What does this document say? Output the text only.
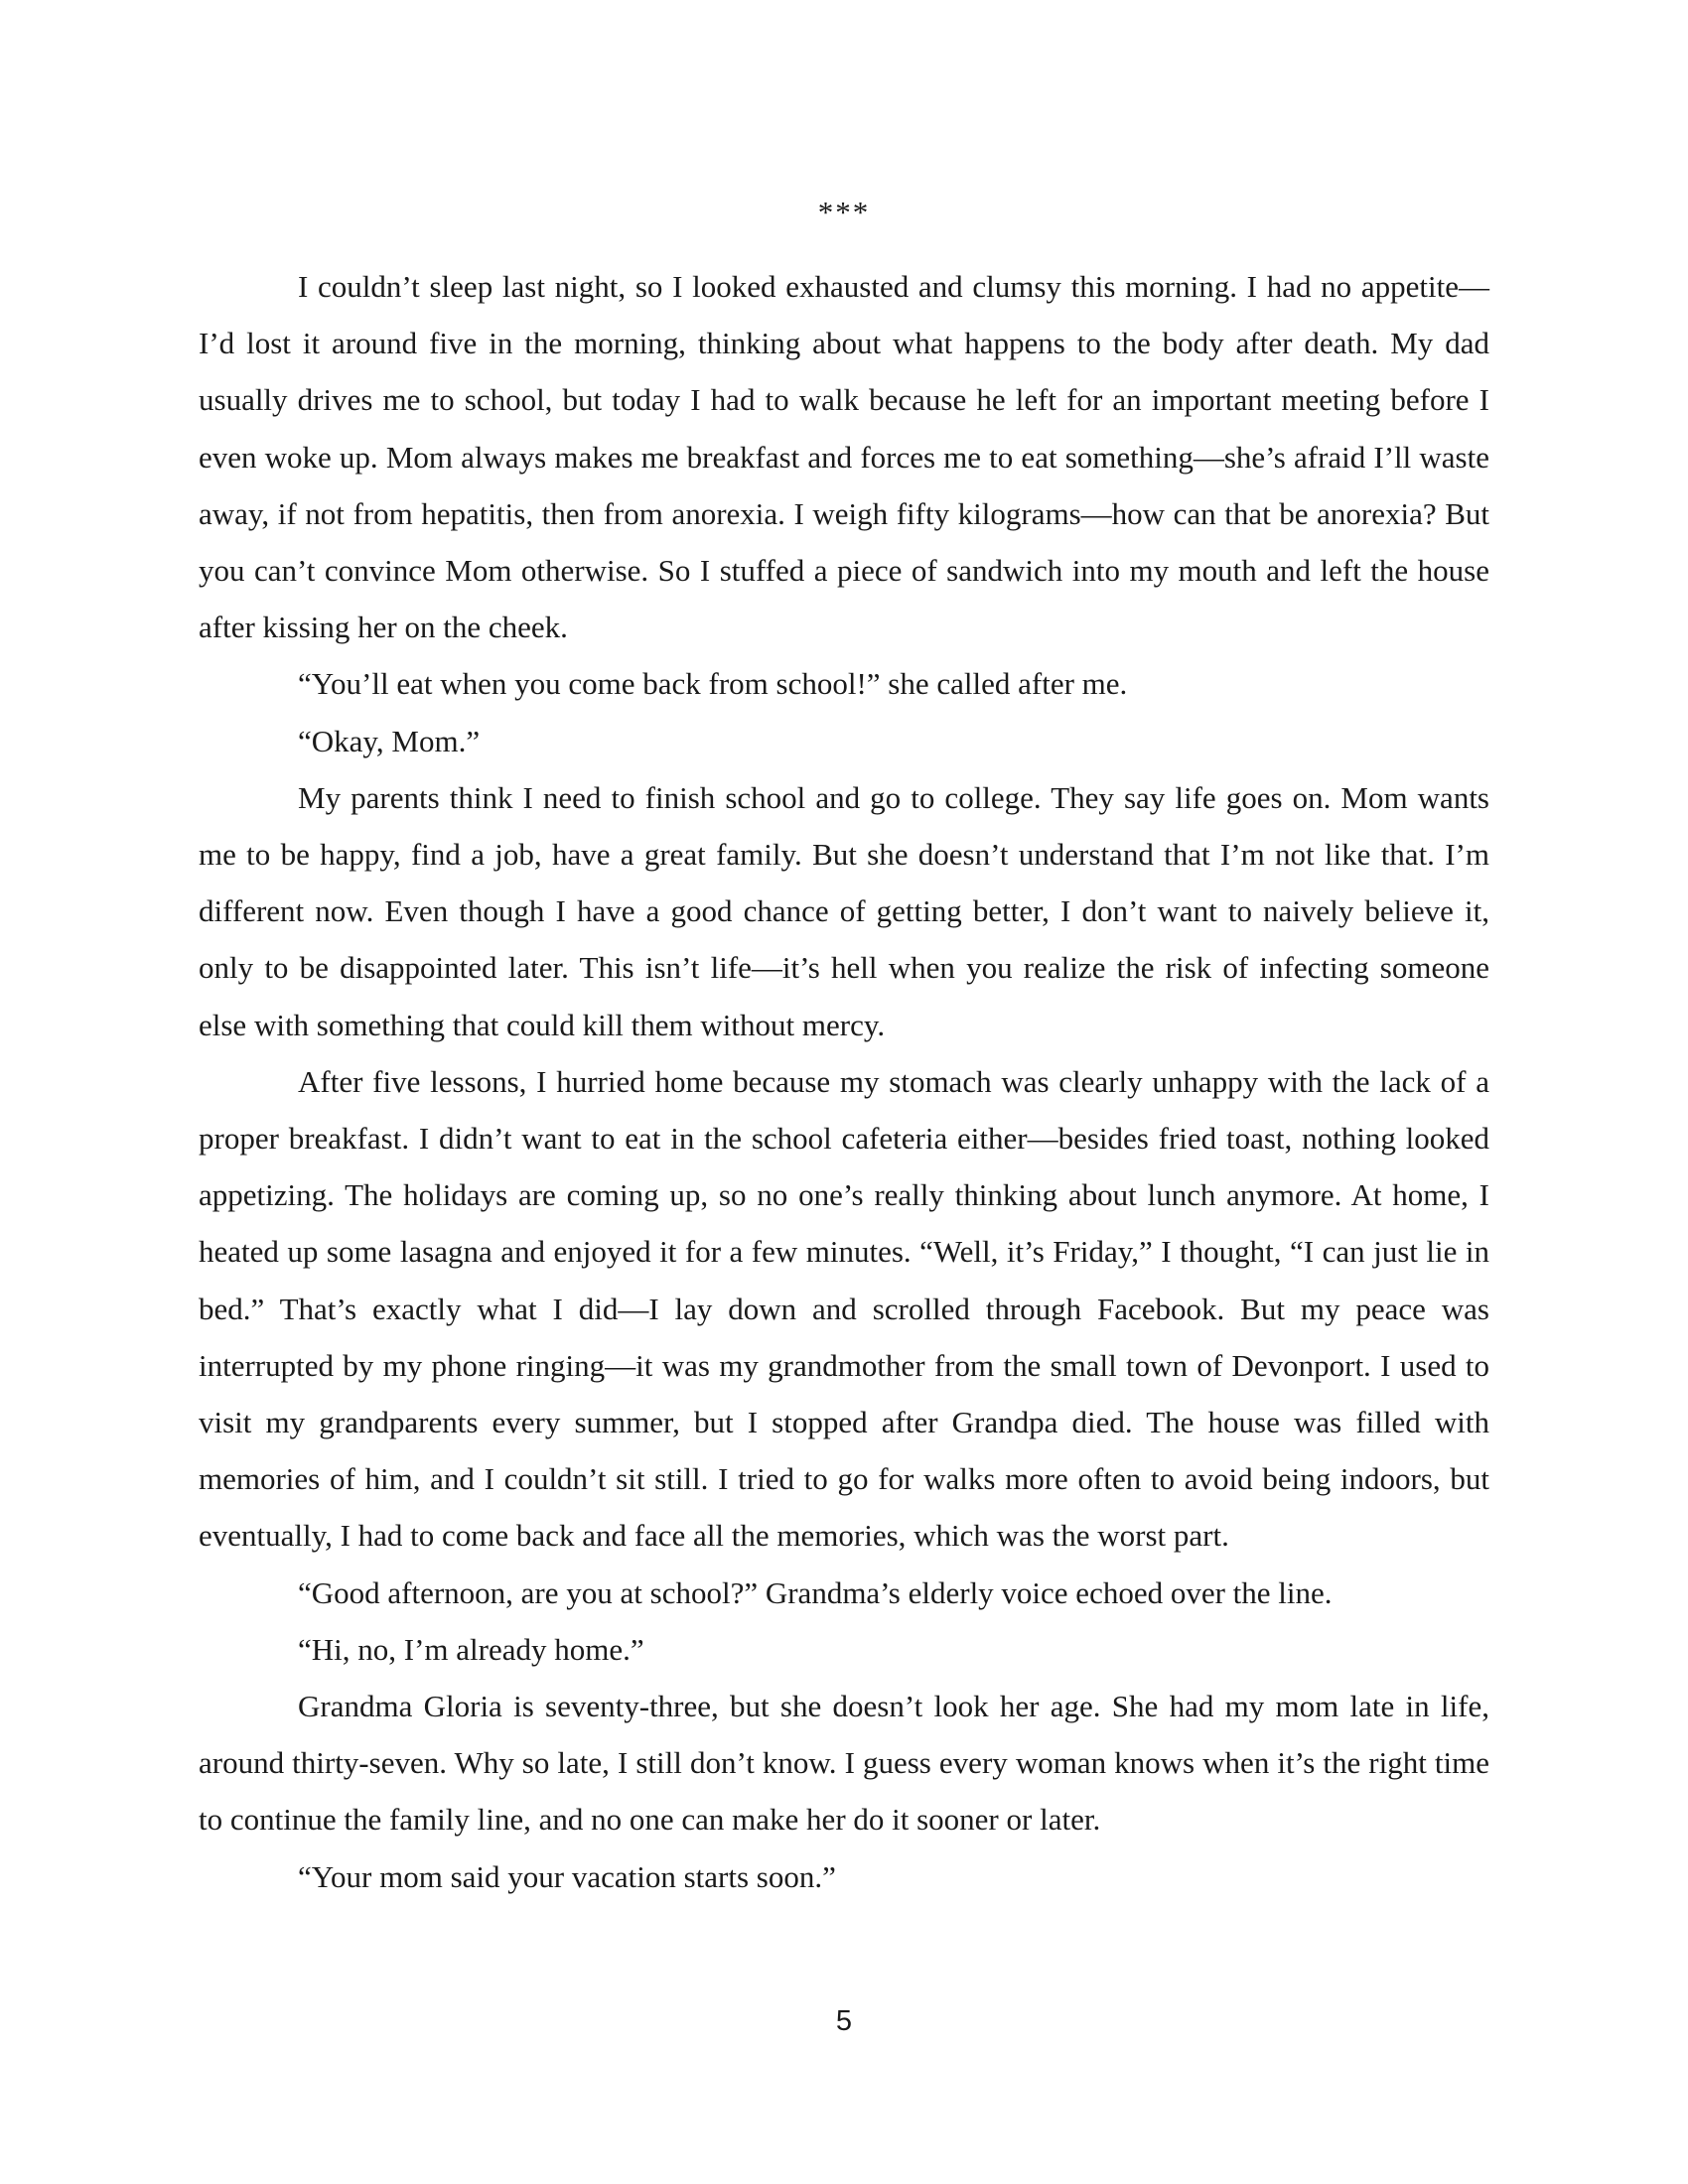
***

I couldn’t sleep last night, so I looked exhausted and clumsy this morning. I had no appetite—I’d lost it around five in the morning, thinking about what happens to the body after death. My dad usually drives me to school, but today I had to walk because he left for an important meeting before I even woke up. Mom always makes me breakfast and forces me to eat something—she’s afraid I’ll waste away, if not from hepatitis, then from anorexia. I weigh fifty kilograms—how can that be anorexia? But you can’t convince Mom otherwise. So I stuffed a piece of sandwich into my mouth and left the house after kissing her on the cheek.

“You’ll eat when you come back from school!” she called after me.

“Okay, Mom.”

My parents think I need to finish school and go to college. They say life goes on. Mom wants me to be happy, find a job, have a great family. But she doesn’t understand that I’m not like that. I’m different now. Even though I have a good chance of getting better, I don’t want to naively believe it, only to be disappointed later. This isn’t life—it’s hell when you realize the risk of infecting someone else with something that could kill them without mercy.

After five lessons, I hurried home because my stomach was clearly unhappy with the lack of a proper breakfast. I didn’t want to eat in the school cafeteria either—besides fried toast, nothing looked appetizing. The holidays are coming up, so no one’s really thinking about lunch anymore. At home, I heated up some lasagna and enjoyed it for a few minutes. “Well, it’s Friday,” I thought, “I can just lie in bed.” That’s exactly what I did—I lay down and scrolled through Facebook. But my peace was interrupted by my phone ringing—it was my grandmother from the small town of Devonport. I used to visit my grandparents every summer, but I stopped after Grandpa died. The house was filled with memories of him, and I couldn’t sit still. I tried to go for walks more often to avoid being indoors, but eventually, I had to come back and face all the memories, which was the worst part.

“Good afternoon, are you at school?” Grandma’s elderly voice echoed over the line.

“Hi, no, I’m already home.”

Grandma Gloria is seventy-three, but she doesn’t look her age. She had my mom late in life, around thirty-seven. Why so late, I still don’t know. I guess every woman knows when it’s the right time to continue the family line, and no one can make her do it sooner or later.

“Your mom said your vacation starts soon.”

5
